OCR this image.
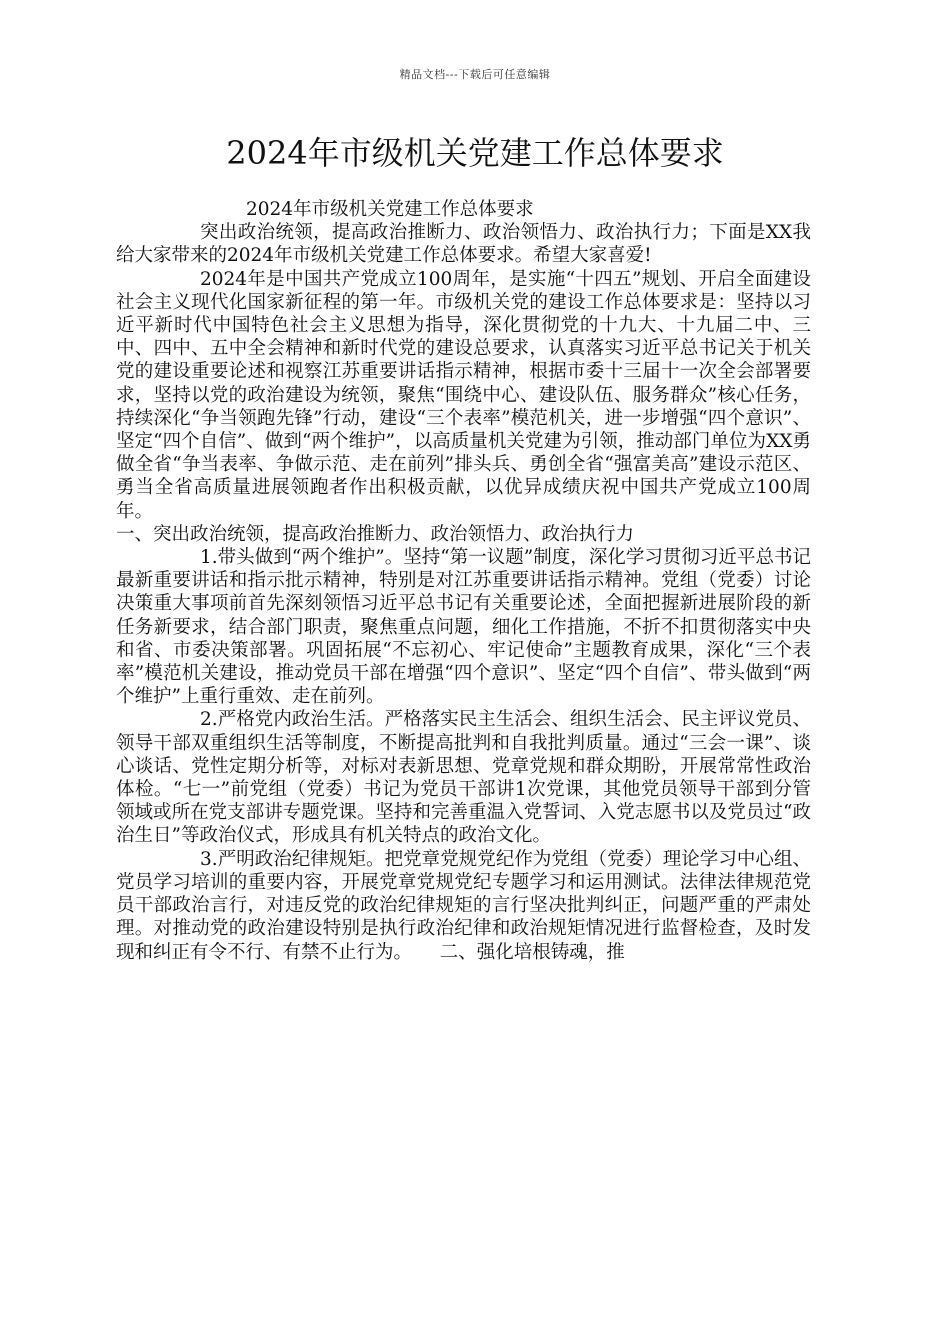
精品文档---下载后可任意编辑
2024年市级机关党建工作总体要求

2024年市级机关党建工作总体要求

突出政治统领，提高政治推断力、政治领悟力、政治执行力；下面是XX我给大家带来的2024年市级机关党建工作总体要求。希望大家喜爱!

2024年是中国共产党成立100周年，是实施“十四五”规划、开启全面建设社会主义现代化国家新征程的第一年。市级机关党的建设工作总体要求是：坚持以习近平新时代中国特色社会主义思想为指导，深化贯彻党的十九大、十九届二中、三中、四中、五中全会精神和新时代党的建设总要求，认真落实习近平总书记关于机关党的建设重要论述和视察江苏重要讲话指示精神，根据市委十三届十一次全会部署要求，坚持以党的政治建设为统领，聚焦“围绕中心、建设队伍、服务群众”核心任务，持续深化“争当领跑先锋”行动，建设“三个表率”模范机关，进一步增强“四个意识”、坚定“四个自信”、做到“两个维护”，以高质量机关党建为引领，推动部门单位为XX勇做全省“争当表率、争做示范、走在前列”排头兵、勇创全省“强富美高”建设示范区、勇当全省高质量进展领跑者作出积极贡献，以优异成绩庆祝中国共产党成立100周年。

一、突出政治统领，提高政治推断力、政治领悟力、政治执行力

1.带头做到“两个维护”。坚持“第一议题”制度，深化学习贯彻习近平总书记最新重要讲话和指示批示精神，特别是对江苏重要讲话指示精神。党组（党委）讨论决策重大事项前首先深刻领悟习近平总书记有关重要论述，全面把握新进展阶段的新任务新要求，结合部门职责，聚焦重点问题，细化工作措施，不折不扣贯彻落实中央和省、市委决策部署。巩固拓展“不忘初心、牢记使命”主题教育成果，深化“三个表率”模范机关建设，推动党员干部在增强“四个意识”、坚定“四个自信”、带头做到“两个维护”上重行重效、走在前列。

2.严格党内政治生活。严格落实民主生活会、组织生活会、民主评议党员、领导干部双重组织生活等制度，不断提高批判和自我批判质量。通过“三会一课”、谈心谈话、党性定期分析等，对标对表新思想、党章党规和群众期盼，开展常常性政治体检。“七一”前党组（党委）书记为党员干部讲1次党课，其他党员领导干部到分管领域或所在党支部讲专题党课。坚持和完善重温入党誓词、入党志愿书以及党员过“政治生日”等政治仪式，形成具有机关特点的政治文化。

3.严明政治纪律规矩。把党章党规党纪作为党组（党委）理论学习中心组、党员学习培训的重要内容，开展党章党规党纪专题学习和运用测试。法律法律规范党员干部政治言行，对违反党的政治纪律规矩的言行坚决批判纠正，问题严重的严肃处理。对推动党的政治建设特别是执行政治纪律和政治规矩情况进行监督检查，及时发现和纠正有令不行、有禁不止行为。　　二、强化培根铸魂，推
